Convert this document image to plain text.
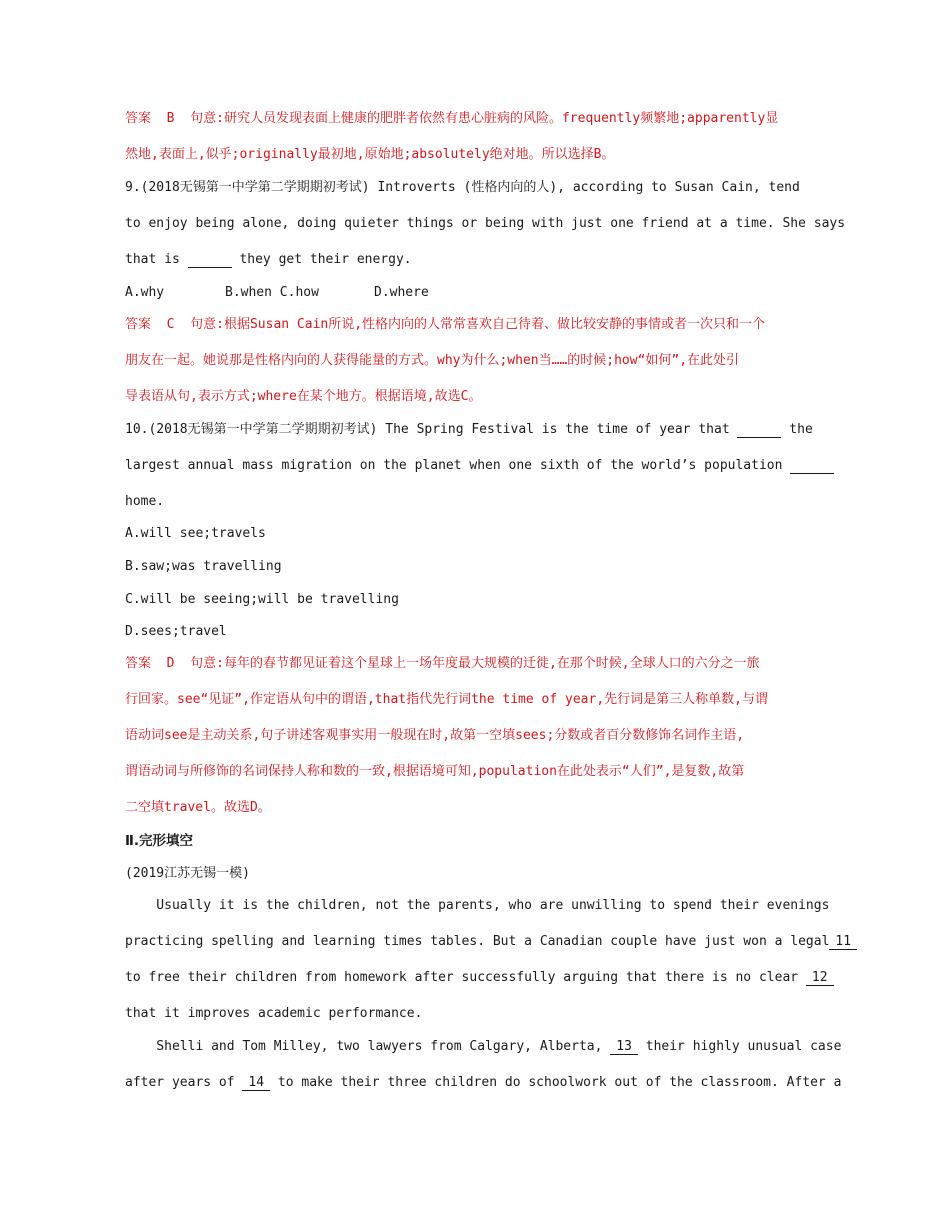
答案  B  句意:研究人员发现表面上健康的肥胖者依然有患心脏病的风险。frequently频繁地;apparently显
然地,表面上,似乎;originally最初地,原始地;absolutely绝对地。所以选择B。
9.(2018无锡第一中学第二学期期初考试) Introverts (性格内向的人), according to Susan Cain, tend
to enjoy being alone, doing quieter things or being with just one friend at a time. She says
that is	they get their energy.
A.why	B.when C.how	D.where
答案  C  句意:根据Susan Cain所说,性格内向的人常常喜欢自己待着、做比较安静的事情或者一次只和一个
朋友在一起。她说那是性格内向的人获得能量的方式。why为什么;when当……的时候;how“如何”,在此处引
导表语从句,表示方式;where在某个地方。根据语境,故选C。
10.(2018无锡第一中学第二学期期初考试) The Spring Festival is the time of year that	the
largest annual mass migration on the planet when one sixth of the world’s population
home.
A.will see;travels
B.saw;was travelling
C.will be seeing;will be travelling
D.sees;travel
答案  D  句意:每年的春节都见证着这个星球上一场年度最大规模的迁徙,在那个时候,全球人口的六分之一旅
行回家。see“见证”,作定语从句中的谓语,that指代先行词the time of year,先行词是第三人称单数,与谓
语动词see是主动关系,句子讲述客观事实用一般现在时,故第一空填sees;分数或者百分数修饰名词作主语,
谓语动词与所修饰的名词保持人称和数的一致,根据语境可知,population在此处表示“人们”,是复数,故第
二空填travel。故选D。
Ⅱ.完形填空
(2019江苏无锡一模)
Usually it is the children, not the parents, who are unwilling to spend their evenings
practicing spelling and learning times tables. But a Canadian couple have just won a legal 11
to free their children from homework after successfully arguing that there is no clear 12
that it improves academic performance.
Shelli and Tom Milley, two lawyers from Calgary, Alberta, 13 their highly unusual case
after years of 14 to make their three children do schoolwork out of the classroom. After a
